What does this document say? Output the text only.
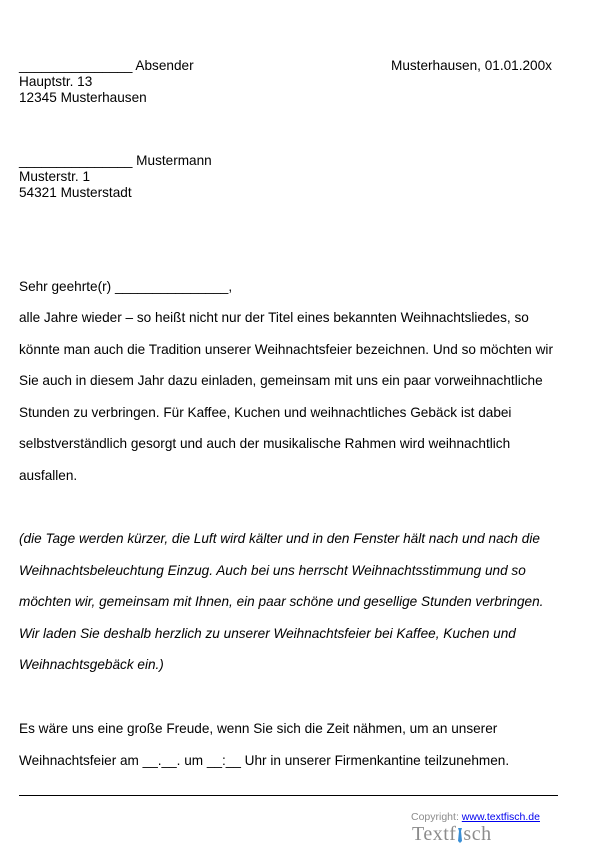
_______________ Absender	Musterhausen, 01.01.200x
Hauptstr. 13
12345 Musterhausen
_______________ Mustermann
Musterstr. 1
54321 Musterstadt
Sehr geehrte(r) _______________,
alle Jahre wieder – so heißt nicht nur der Titel eines bekannten Weihnachtsliedes, so könnte man auch die Tradition unserer Weihnachtsfeier bezeichnen. Und so möchten wir Sie auch in diesem Jahr dazu einladen, gemeinsam mit uns ein paar vorweihnachtliche Stunden zu verbringen. Für Kaffee, Kuchen und weihnachtliches Gebäck ist dabei selbstverständlich gesorgt und auch der musikalische Rahmen wird weihnachtlich ausfallen.
(die Tage werden kürzer, die Luft wird kälter und in den Fenster hält nach und nach die Weihnachtsbeleuchtung Einzug. Auch bei uns herrscht Weihnachtsstimmung und so möchten wir, gemeinsam mit Ihnen, ein paar schöne und gesellige Stunden verbringen. Wir laden Sie deshalb herzlich zu unserer Weihnachtsfeier bei Kaffee, Kuchen und Weihnachtsgebäck ein.)
Es wäre uns eine große Freude, wenn Sie sich die Zeit nähmen, um an unserer Weihnachtsfeier am __.__. um __:__ Uhr in unserer Firmenkantine teilzunehmen.
Copyright: www.textfisch.de
Textf sch
